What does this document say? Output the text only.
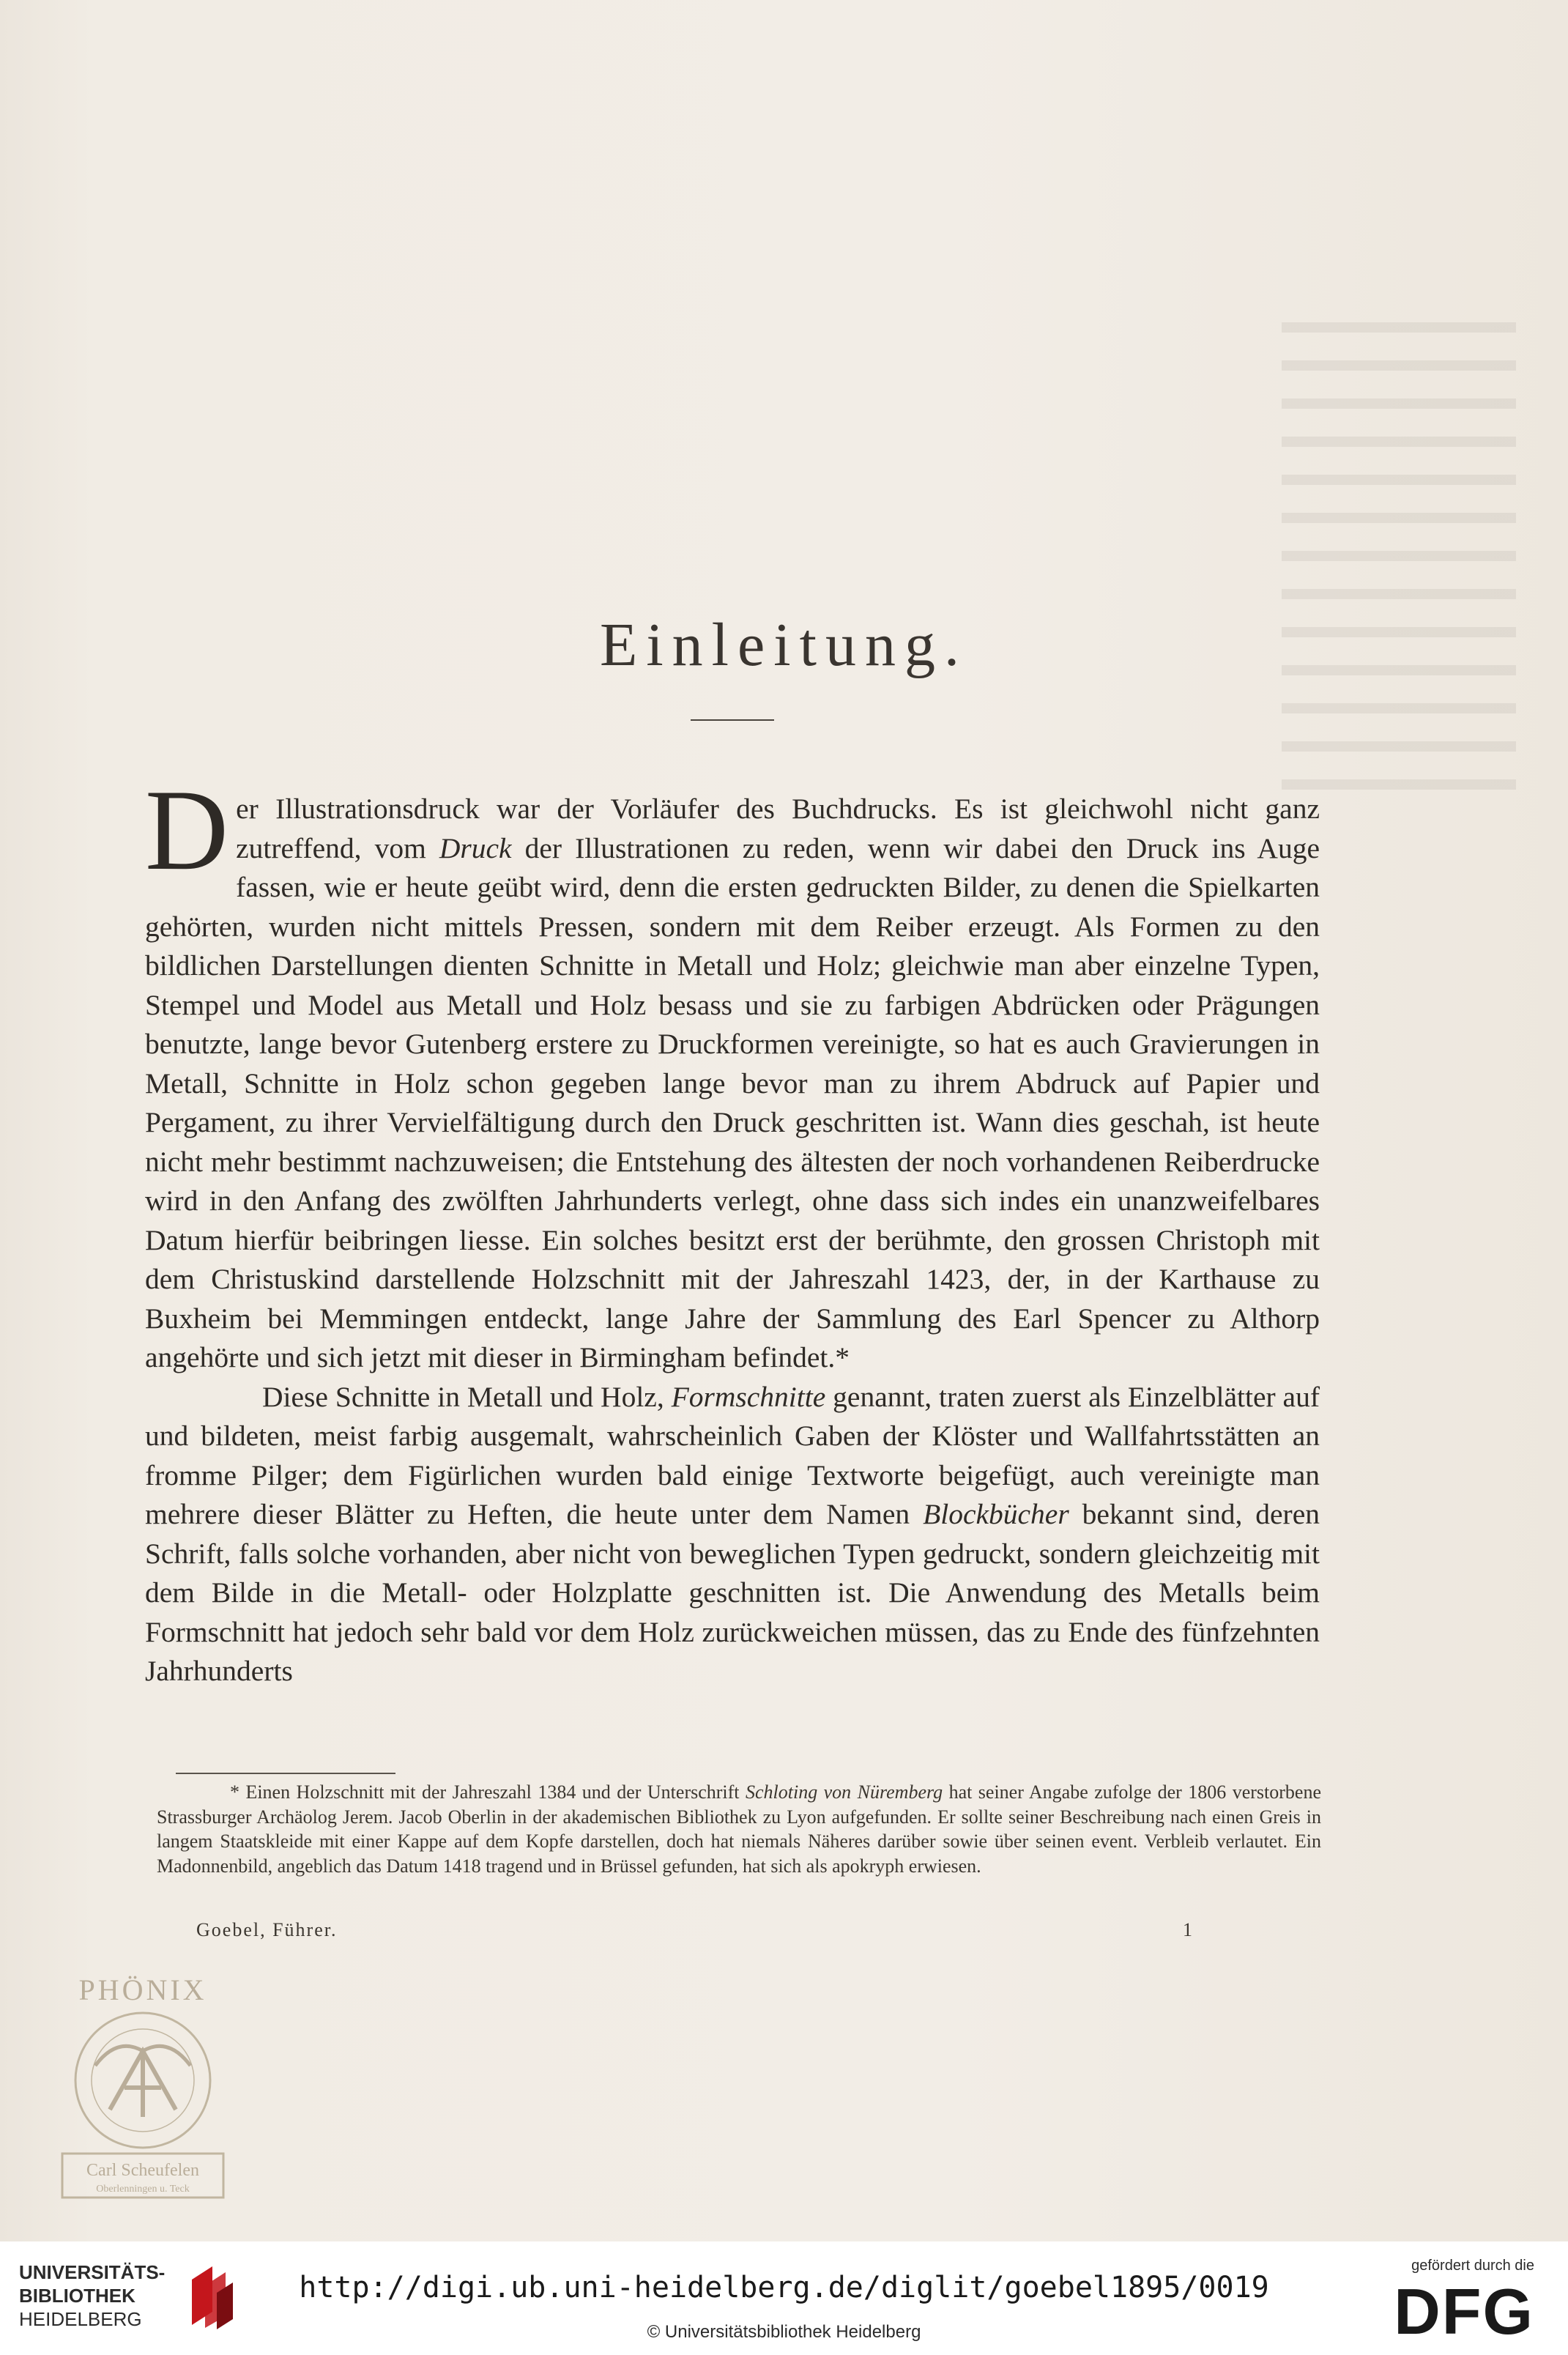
Einleitung.

Der Illustrationsdruck war der Vorläufer des Buchdrucks. Es ist gleichwohl nicht ganz zutreffend, vom Druck der Illustrationen zu reden, wenn wir dabei den Druck ins Auge fassen, wie er heute geübt wird, denn die ersten gedruckten Bilder, zu denen die Spielkarten gehörten, wurden nicht mittels Pressen, sondern mit dem Reiber erzeugt. Als Formen zu den bildlichen Darstellungen dienten Schnitte in Metall und Holz; gleichwie man aber einzelne Typen, Stempel und Model aus Metall und Holz besass und sie zu farbigen Abdrücken oder Prägungen benutzte, lange bevor Gutenberg erstere zu Druckformen vereinigte, so hat es auch Gravierungen in Metall, Schnitte in Holz schon gegeben lange bevor man zu ihrem Abdruck auf Papier und Pergament, zu ihrer Vervielfältigung durch den Druck geschritten ist. Wann dies geschah, ist heute nicht mehr bestimmt nachzuweisen; die Entstehung des ältesten der noch vorhandenen Reiberdrucke wird in den Anfang des zwölften Jahrhunderts verlegt, ohne dass sich indes ein unanzweifelbares Datum hierfür beibringen liesse. Ein solches besitzt erst der berühmte, den grossen Christoph mit dem Christuskind darstellende Holzschnitt mit der Jahreszahl 1423, der, in der Karthause zu Buxheim bei Memmingen entdeckt, lange Jahre der Sammlung des Earl Spencer zu Althorp angehörte und sich jetzt mit dieser in Birmingham befindet.*

Diese Schnitte in Metall und Holz, Formschnitte genannt, traten zuerst als Einzelblätter auf und bildeten, meist farbig ausgemalt, wahrscheinlich Gaben der Klöster und Wallfahrtsstätten an fromme Pilger; dem Figürlichen wurden bald einige Textworte beigefügt, auch vereinigte man mehrere dieser Blätter zu Heften, die heute unter dem Namen Blockbücher bekannt sind, deren Schrift, falls solche vorhanden, aber nicht von beweglichen Typen gedruckt, sondern gleichzeitig mit dem Bilde in die Metall- oder Holzplatte geschnitten ist. Die Anwendung des Metalls beim Formschnitt hat jedoch sehr bald vor dem Holz zurückweichen müssen, das zu Ende des fünfzehnten Jahrhunderts

* Einen Holzschnitt mit der Jahreszahl 1384 und der Unterschrift Schloting von Nüremberg hat seiner Angabe zufolge der 1806 verstorbene Strassburger Archäolog Jerem. Jacob Oberlin in der akademischen Bibliothek zu Lyon aufgefunden. Er sollte seiner Beschreibung nach einen Greis in langem Staatskleide mit einer Kappe auf dem Kopfe darstellen, doch hat niemals Näheres darüber sowie über seinen event. Verbleib verlautet. Ein Madonnenbild, angeblich das Datum 1418 tragend und in Brüssel gefunden, hat sich als apokryph erwiesen.

Goebel, Führer.	1
PHÖNIX
Carl Scheufelen
Oberlenningen u. Teck
UNIVERSITÄTS-
BIBLIOTHEK
HEIDELBERG
http://digi.ub.uni-heidelberg.de/diglit/goebel1895/0019
© Universitätsbibliothek Heidelberg
gefördert durch die
DFG
